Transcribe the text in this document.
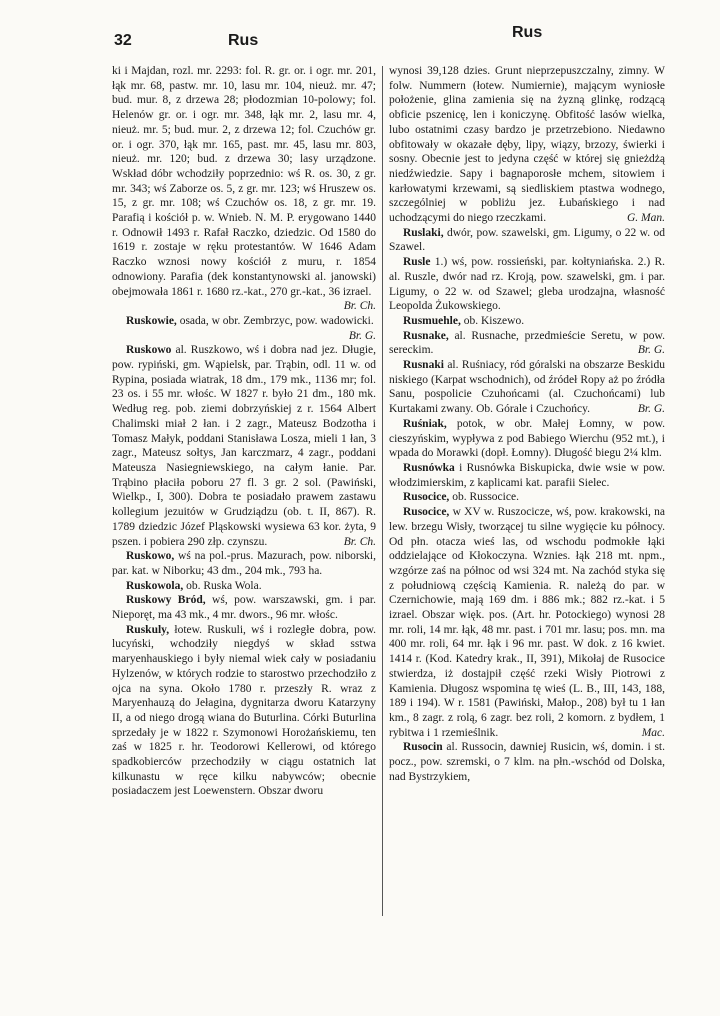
32	Rus	Rus

ki i Majdan, rozl. mr. 2293: fol. R. gr. or. i ogr. mr. 201, łąk mr. 68, pastw. mr. 10, lasu mr. 104, nieuż. mr. 47; bud. mur. 8, z drzewa 28; płodozmian 10-polowy; fol. Helenów gr. or. i ogr. mr. 348, łąk mr. 2, lasu mr. 4, nieuż. mr. 5; bud. mur. 2, z drzewa 12; fol. Czuchów gr. or. i ogr. 370, łąk mr. 165, past. mr. 45, lasu mr. 803, nieuż. mr. 120; bud. z drzewa 30; lasy urządzone. Wskład dóbr wchodziły poprzednio: wś R. os. 30, z gr. mr. 343; wś Zaborze os. 5, z gr. mr. 123; wś Hruszew os. 15, z gr. mr. 108; wś Czuchów os. 18, z gr. mr. 19. Parafią i kościół p. w. Wnieb. N. M. P. erygowano 1440 r. Odnowił 1493 r. Rafał Raczko, dziedzic. Od 1580 do 1619 r. zostaje w ręku protestantów. W 1646 Adam Raczko wznosi nowy kościół z muru, r. 1854 odnowiony. Parafia (dek konstantynowski al. janowski) obejmowała 1861 r. 1680 rz.-kat., 270 gr.-kat., 36 izrael.
Br. Ch.

Ruskowie, osada, w obr. Zembrzyc, pow. wadowicki.
Br. G.

Ruskowo al. Ruszkowo, wś i dobra nad jez. Długie, pow. rypiński, gm. Wąpielsk, par. Trąbin, odl. 11 w. od Rypina, posiada wiatrak, 18 dm., 179 mk., 1136 mr; fol. 23 os. i 55 mr. włośc. W 1827 r. było 21 dm., 180 mk. Według reg. pob. ziemi dobrzyńskiej z r. 1564 Albert Chalimski miał 2 łan. i 2 zagr., Mateusz Bodzotha i Tomasz Małyk, poddani Stanisława Losza, mieli 1 łan, 3 zagr., Mateusz sołtys, Jan karczmarz, 4 zagr., poddani Mateusza Nasiegniewskiego, na całym łanie. Par. Trąbino płaciła poboru 27 fl. 3 gr. 2 sol. (Pawiński, Wielkp., I, 300). Dobra te posiadało prawem zastawu kollegium jezuitów w Grudziądzu (ob. t. II, 867). R. 1789 dziedzic Józef Pląskowski wysiewa 63 kor. żyta, 9 pszen. i pobiera 290 złp. czynszu.	Br. Ch.

Ruskowo, wś na pol.-prus. Mazurach, pow. niborski, par. kat. w Niborku; 43 dm., 204 mk., 793 ha.

Ruskowola, ob. Ruska Wola.

Ruskowy Bród, wś, pow. warszawski, gm. i par. Nieporęt, ma 43 mk., 4 mr. dwors., 96 mr. włośc.

Ruskuly, łotew. Ruskuli, wś i rozległe dobra, pow. lucyński, wchodziły niegdyś w skład sstwa maryenhauskiego i były niemal wiek cały w posiadaniu Hylzenów, w których rodzie to starostwo przechodziło z ojca na syna. Około 1780 r. przeszły R. wraz z Maryenhauzą do Jełagina, dygnitarza dworu Katarzyny II, a od niego drogą wiana do Buturlina. Córki Buturlina sprzedały je w 1822 r. Szymonowi Horożańskiemu, ten zaś w 1825 r. hr. Teodorowi Kellerowi, od którego spadkobierców przechodziły w ciągu ostatnich lat kilkunastu w ręce kilku nabywców; obecnie posiadaczem jest Loewenstern. Obszar dworu

wynosi 39,128 dzies. Grunt nieprzepuszczalny, zimny. W folw. Nummern (łotew. Numiernie), mającym wyniosłe położenie, glina zamienia się na żyzną glinkę, rodzącą obficie pszenicę, len i koniczynę. Obfitość lasów wielka, lubo ostatnimi czasy bardzo je przetrzebiono. Niedawno obfitowały w okazałe dęby, lipy, wiązy, brzozy, świerki i sosny. Obecnie jest to jedyna część w której się gnieżdżą niedźwiedzie. Sapy i bagnaporosłe mchem, sitowiem i karłowatymi krzewami, są siedliskiem ptastwa wodnego, szczególniej w pobliżu jez. Łubańskiego i nad uchodzącymi do niego rzeczkami.	G. Man.

Ruslaki, dwór, pow. szawelski, gm. Ligumy, o 22 w. od Szawel.

Rusle 1.) wś, pow. rossieński, par. kołtyniańska. 2.) R. al. Ruszle, dwór nad rz. Kroją, pow. szawelski, gm. i par. Ligumy, o 22 w. od Szawel; gleba urodzajna, własność Leopolda Żukowskiego.

Rusmuehle, ob. Kiszewo.

Rusnake, al. Rusnache, przedmieście Seretu, w pow. sereckim.	Br. G.

Rusnaki al. Ruśniacy, ród góralski na obszarze Beskidu niskiego (Karpat wschodnich), od źródeł Ropy aż po źródła Sanu, pospolicie Czuhońcami (al. Czuchońcami) lub Kurtakami zwany. Ob. Górale i Czuchońcy.	Br. G.

Ruśniak, potok, w obr. Małej Łomny, w pow. cieszyńskim, wypływa z pod Babiego Wierchu (952 mt.), i wpada do Morawki (dopł. Łomny). Długość biegu 2¼ klm.

Rusnówka i Rusnówka Biskupicka, dwie wsie w pow. włodzimierskim, z kaplicami kat. parafii Sielec.

Rusocice, ob. Russocice.

Rusocice, w XV w. Ruszocicze, wś, pow. krakowski, na lew. brzegu Wisły, tworzącej tu silne wygięcie ku północy. Od płn. otacza wieś las, od wschodu podmokłe łąki oddzielające od Kłokoczyna. Wznies. łąk 218 mt. npm., wzgórze zaś na północ od wsi 324 mt. Na zachód styka się z południową częścią Kamienia. R. należą do par. w Czernichowie, mają 169 dm. i 886 mk.; 882 rz.-kat. i 5 izrael. Obszar więk. pos. (Art. hr. Potockiego) wynosi 28 mr. roli, 14 mr. łąk, 48 mr. past. i 701 mr. lasu; pos. mn. ma 400 mr. roli, 64 mr. łąk i 96 mr. past. W dok. z 16 kwiet. 1414 r. (Kod. Katedry krak., II, 391), Mikołaj de Rusocice stwierdza, iż dostajpił część rzeki Wisły Piotrowi z Kamienia. Długosz wspomina tę wieś (L. B., III, 143, 188, 189 i 194). W r. 1581 (Pawiński, Małop., 208) był tu 1 łan km., 8 zagr. z rolą, 6 zagr. bez roli, 2 komorn. z bydłem, 1 rybitwa i 1 rzemieślnik.	Mac.

Rusocin al. Russocin, dawniej Rusicin, wś, domin. i st. pocz., pow. szremski, o 7 klm. na płn.-wschód od Dolska, nad Bystrzykiem,
